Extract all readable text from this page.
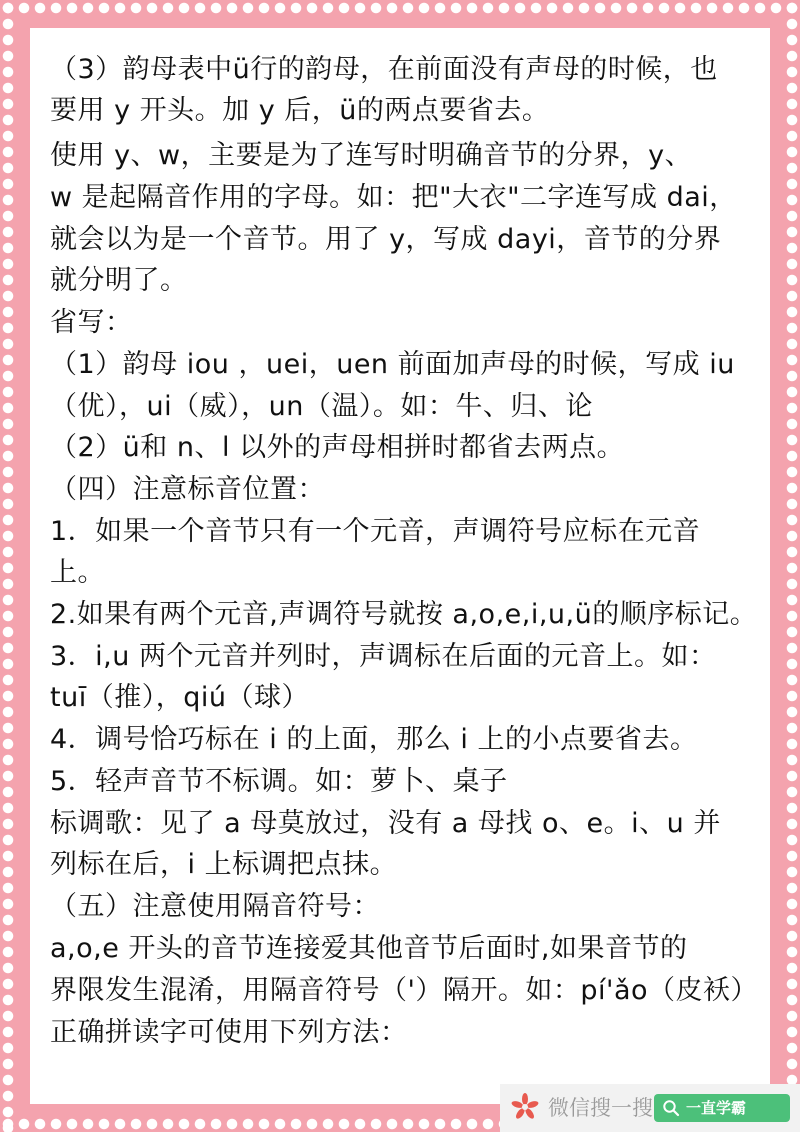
（3）韵母表中ü行的韵母，在前面没有声母的时候，也
要用 y 开头。加 y 后，ü的两点要省去。
使用 y、w，主要是为了连写时明确音节的分界，y、
w 是起隔音作用的字母。如：把"大衣"二字连写成 dai，
就会以为是一个音节。用了 y，写成 dayi，音节的分界
就分明了。
省写：
（1）韵母 iou ，uei，uen 前面加声母的时候，写成 iu
（优），ui（威），un（温）。如：牛、归、论
（2）ü和 n、l 以外的声母相拼时都省去两点。
（四）注意标音位置：
1．如果一个音节只有一个元音，声调符号应标在元音
上。
2.如果有两个元音,声调符号就按 a,o,e,i,u,ü的顺序标记。
3．i,u 两个元音并列时，声调标在后面的元音上。如：
tuī（推），qiú（球）
4．调号恰巧标在 i 的上面，那么 i 上的小点要省去。
5．轻声音节不标调。如：萝卜、桌子
标调歌：见了 a 母莫放过，没有 a 母找 o、e。i、u 并
列标在后，i 上标调把点抹。
（五）注意使用隔音符号：
a,o,e 开头的音节连接爱其他音节后面时,如果音节的
界限发生混淆，用隔音符号（'）隔开。如：pí'ǎo（皮袄）
正确拼读字可使用下列方法：
微信搜一搜 一直学霸
